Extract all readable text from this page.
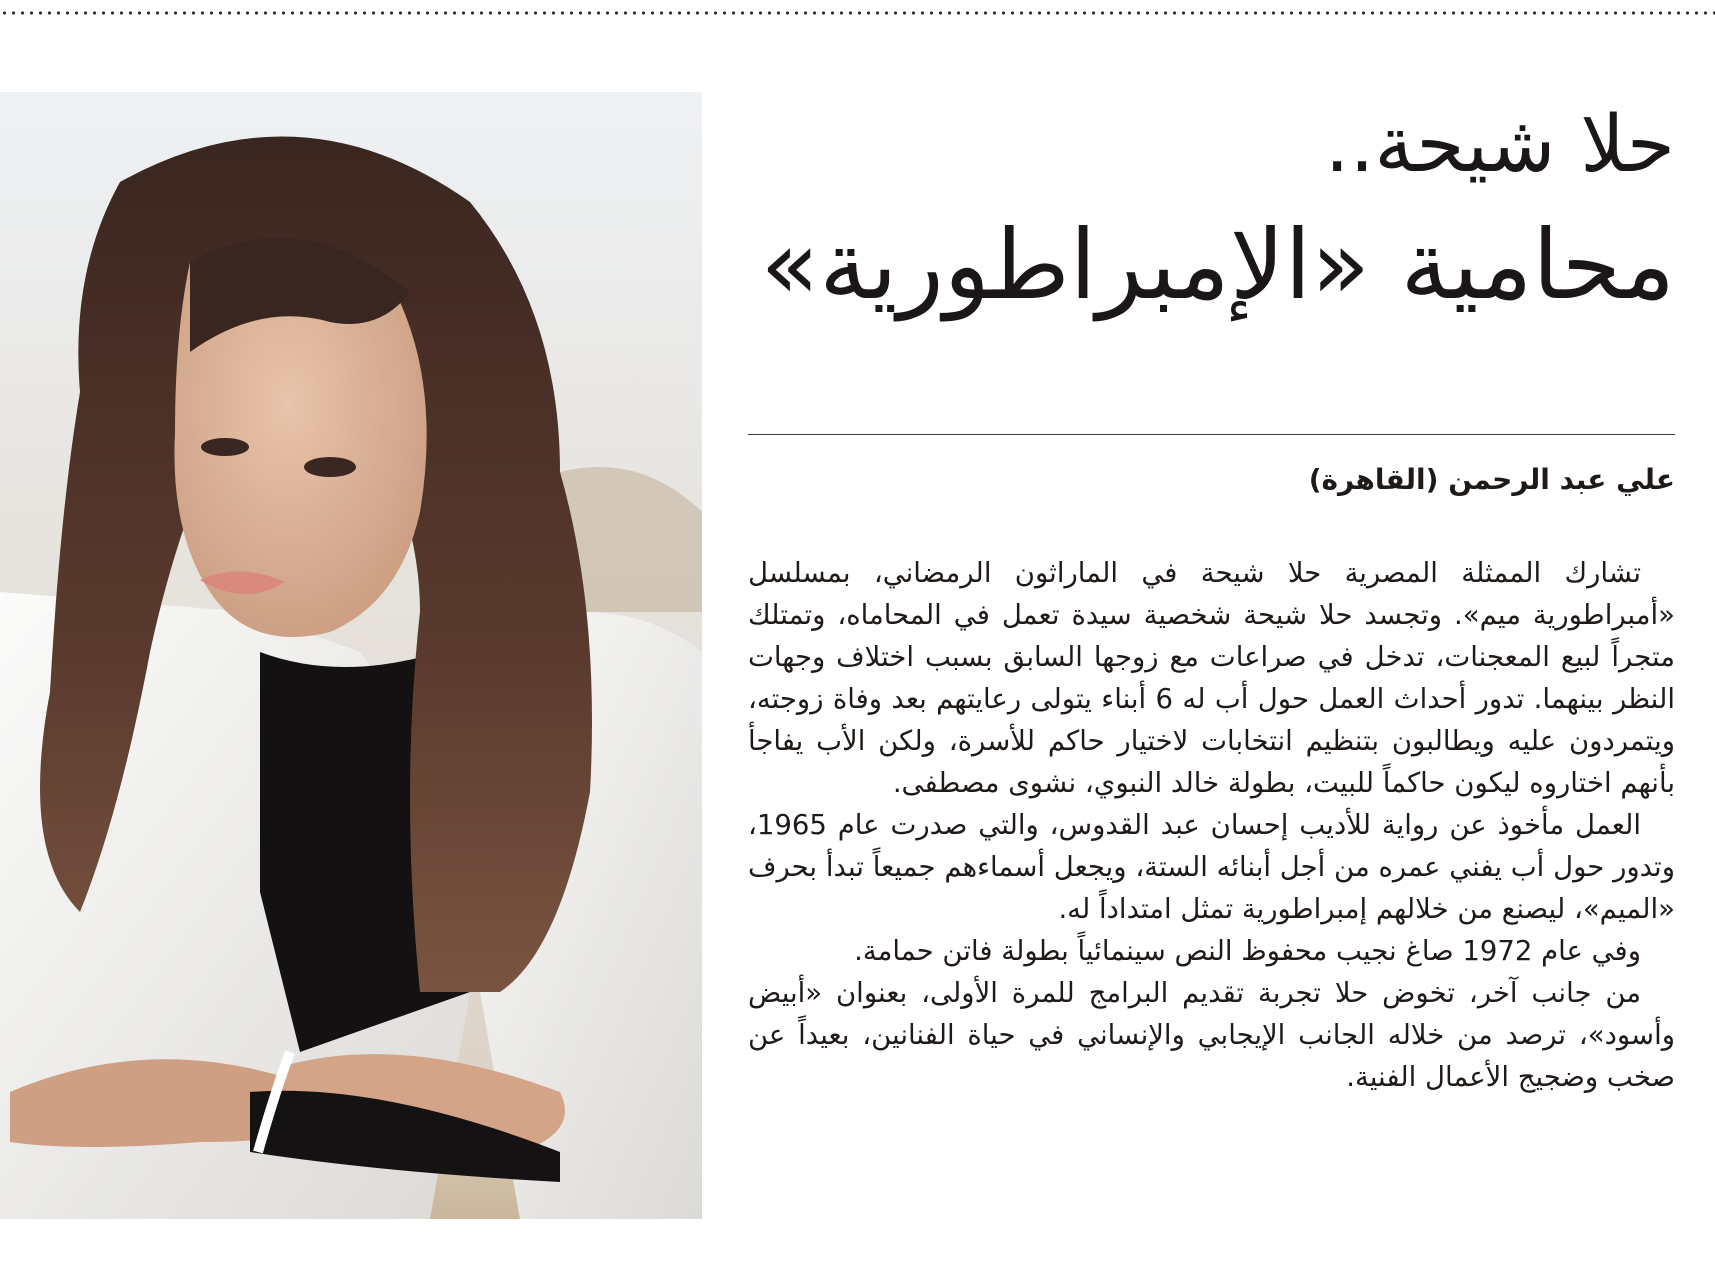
حلا شيحة..
محامية «الإمبراطورية»
علي عبد الرحمن (القاهرة)

تشارك الممثلة المصرية حلا شيحة في الماراثون الرمضاني، بمسلسل «أمبراطورية ميم». وتجسد حلا شيحة شخصية سيدة تعمل في المحاماه، وتمتلك متجراً لبيع المعجنات، تدخل في صراعات مع زوجها السابق بسبب اختلاف وجهات النظر بينهما. تدور أحداث العمل حول أب له 6 أبناء يتولى رعايتهم بعد وفاة زوجته، ويتمردون عليه ويطالبون بتنظيم انتخابات لاختيار حاكم للأسرة، ولكن الأب يفاجأ بأنهم اختاروه ليكون حاكماً للبيت، بطولة خالد النبوي، نشوى مصطفى.

العمل مأخوذ عن رواية للأديب إحسان عبد القدوس، والتي صدرت عام 1965، وتدور حول أب يفني عمره من أجل أبنائه الستة، ويجعل أسماءهم جميعاً تبدأ بحرف «الميم»، ليصنع من خلالهم إمبراطورية تمثل امتداداً له.

وفي عام 1972 صاغ نجيب محفوظ النص سينمائياً بطولة فاتن حمامة.

من جانب آخر، تخوض حلا تجربة تقديم البرامج للمرة الأولى، بعنوان «أبيض وأسود»، ترصد من خلاله الجانب الإيجابي والإنساني في حياة الفنانين، بعيداً عن صخب وضجيج الأعمال الفنية.
